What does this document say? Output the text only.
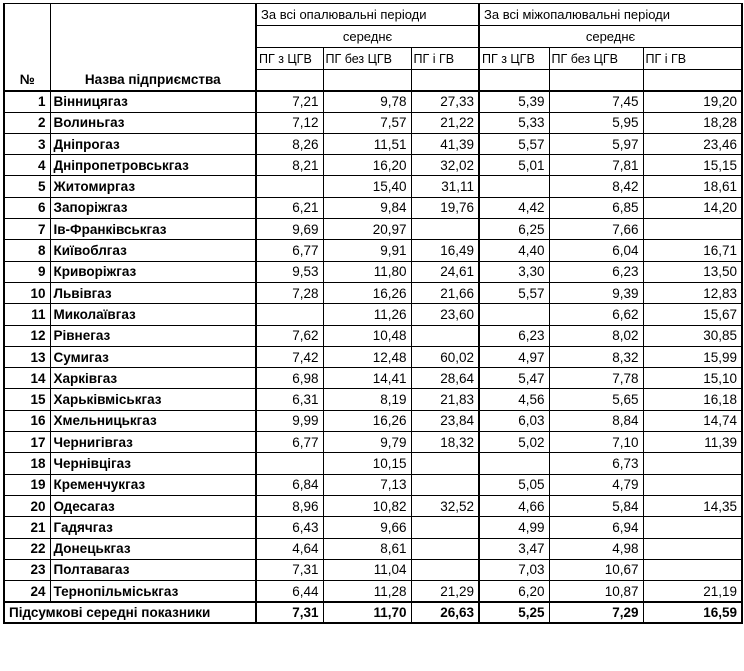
		За всі опалювальні періоди			За всі міжопалювальні періоди		
		середнє			середнє		
		ПГ з ЦГВ	ПГ без ЦГВ	ПГ і ГВ	ПГ з ЦГВ	ПГ без ЦГВ	ПГ і ГВ
№	Назва підприємства						
1	Вінницягаз	7,21	9,78	27,33	5,39	7,45	19,20
2	Волиньгаз	7,12	7,57	21,22	5,33	5,95	18,28
3	Дніпрогаз	8,26	11,51	41,39	5,57	5,97	23,46
4	Дніпропетровськгаз	8,21	16,20	32,02	5,01	7,81	15,15
5	Житомиргаз		15,40	31,11		8,42	18,61
6	Запоріжгаз	6,21	9,84	19,76	4,42	6,85	14,20
7	Ів-Франківськгаз	9,69	20,97		6,25	7,66	
8	Київоблгаз	6,77	9,91	16,49	4,40	6,04	16,71
9	Криворіжгаз	9,53	11,80	24,61	3,30	6,23	13,50
10	Львівгаз	7,28	16,26	21,66	5,57	9,39	12,83
11	Миколаївгаз		11,26	23,60		6,62	15,67
12	Рівнегаз	7,62	10,48		6,23	8,02	30,85
13	Сумигаз	7,42	12,48	60,02	4,97	8,32	15,99
14	Харківгаз	6,98	14,41	28,64	5,47	7,78	15,10
15	Харьківміськгаз	6,31	8,19	21,83	4,56	5,65	16,18
16	Хмельницькгаз	9,99	16,26	23,84	6,03	8,84	14,74
17	Чернигівгаз	6,77	9,79	18,32	5,02	7,10	11,39
18	Чернівцігаз		10,15			6,73	
19	Кременчукгаз	6,84	7,13		5,05	4,79	
20	Одесагаз	8,96	10,82	32,52	4,66	5,84	14,35
21	Гадячгаз	6,43	9,66		4,99	6,94	
22	Донецькгаз	4,64	8,61		3,47	4,98	
23	Полтавагаз	7,31	11,04		7,03	10,67	
24	Тернопільміськгаз	6,44	11,28	21,29	6,20	10,87	21,19
Підсумкові середні показники		7,31	11,70	26,63	5,25	7,29	16,59
